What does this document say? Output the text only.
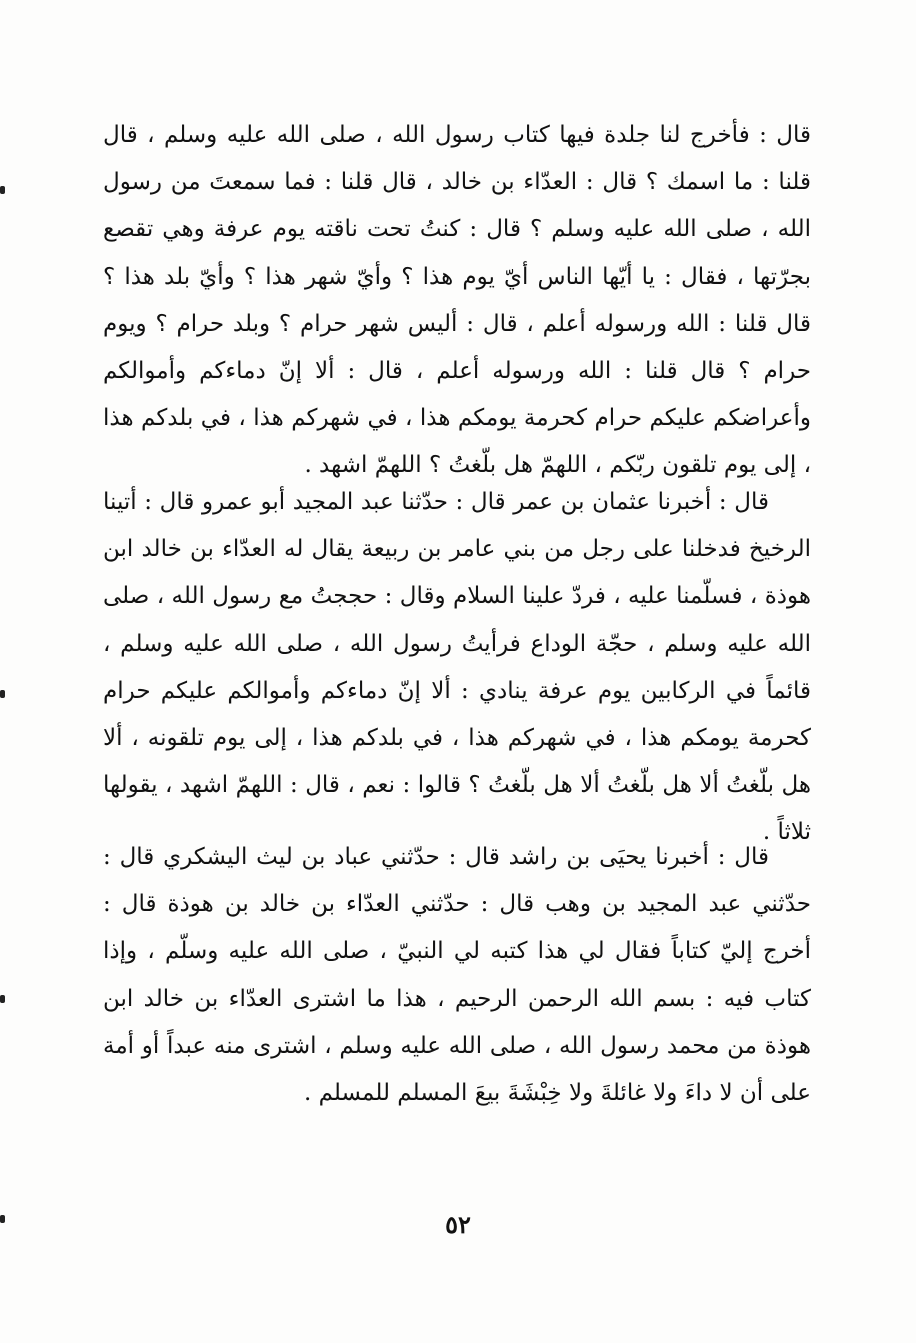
قال : فأخرج لنا جلدة فيها كتاب رسول الله ، صلى الله عليه وسلم ، قال قلنا : ما اسمك ؟ قال : العدّاء بن خالد ، قال قلنا : فما سمعتَ من رسول الله ، صلى الله عليه وسلم ؟ قال : كنتُ تحت ناقته يوم عرفة وهي تقصع بجرّتها ، فقال : يا أيّها الناس أيّ يوم هذا ؟ وأيّ شهر هذا ؟ وأيّ بلد هذا ؟ قال قلنا : الله ورسوله أعلم ، قال : أليس شهر حرام ؟ وبلد حرام ؟ ويوم حرام ؟ قال قلنا : الله ورسوله أعلم ، قال : ألا إنّ دماءكم وأموالكم وأعراضكم عليكم حرام كحرمة يومكم هذا ، في شهركم هذا ، في بلدكم هذا ، إلى يوم تلقون ربّكم ، اللهمّ هل بلّغتُ ؟ اللهمّ اشهد .

قال : أخبرنا عثمان بن عمر قال : حدّثنا عبد المجيد أبو عمرو قال : أتينا الرخيخ فدخلنا على رجل من بني عامر بن ربيعة يقال له العدّاء بن خالد ابن هوذة ، فسلّمنا عليه ، فردّ علينا السلام وقال : حججتُ مع رسول الله ، صلى الله عليه وسلم ، حجّة الوداع فرأيتُ رسول الله ، صلى الله عليه وسلم ، قائماً في الركابين يوم عرفة ينادي : ألا إنّ دماءكم وأموالكم عليكم حرام كحرمة يومكم هذا ، في شهركم هذا ، في بلدكم هذا ، إلى يوم تلقونه ، ألا هل بلّغتُ ألا هل بلّغتُ ألا هل بلّغتُ ؟ قالوا : نعم ، قال : اللهمّ اشهد ، يقولها ثلاثاً .

قال : أخبرنا يحيَى بن راشد قال : حدّثني عباد بن ليث اليشكري قال : حدّثني عبد المجيد بن وهب قال : حدّثني العدّاء بن خالد بن هوذة قال : أخرج إليّ كتاباً فقال لي هذا كتبه لي النبيّ ، صلى الله عليه وسلّم ، وإذا كتاب فيه : بسم الله الرحمن الرحيم ، هذا ما اشترى العدّاء بن خالد ابن هوذة من محمد رسول الله ، صلى الله عليه وسلم ، اشترى منه عبداً أو أمة على أن لا داءَ ولا غائلةَ ولا خِبْشَةَ بيعَ المسلم للمسلم .

٥٢
